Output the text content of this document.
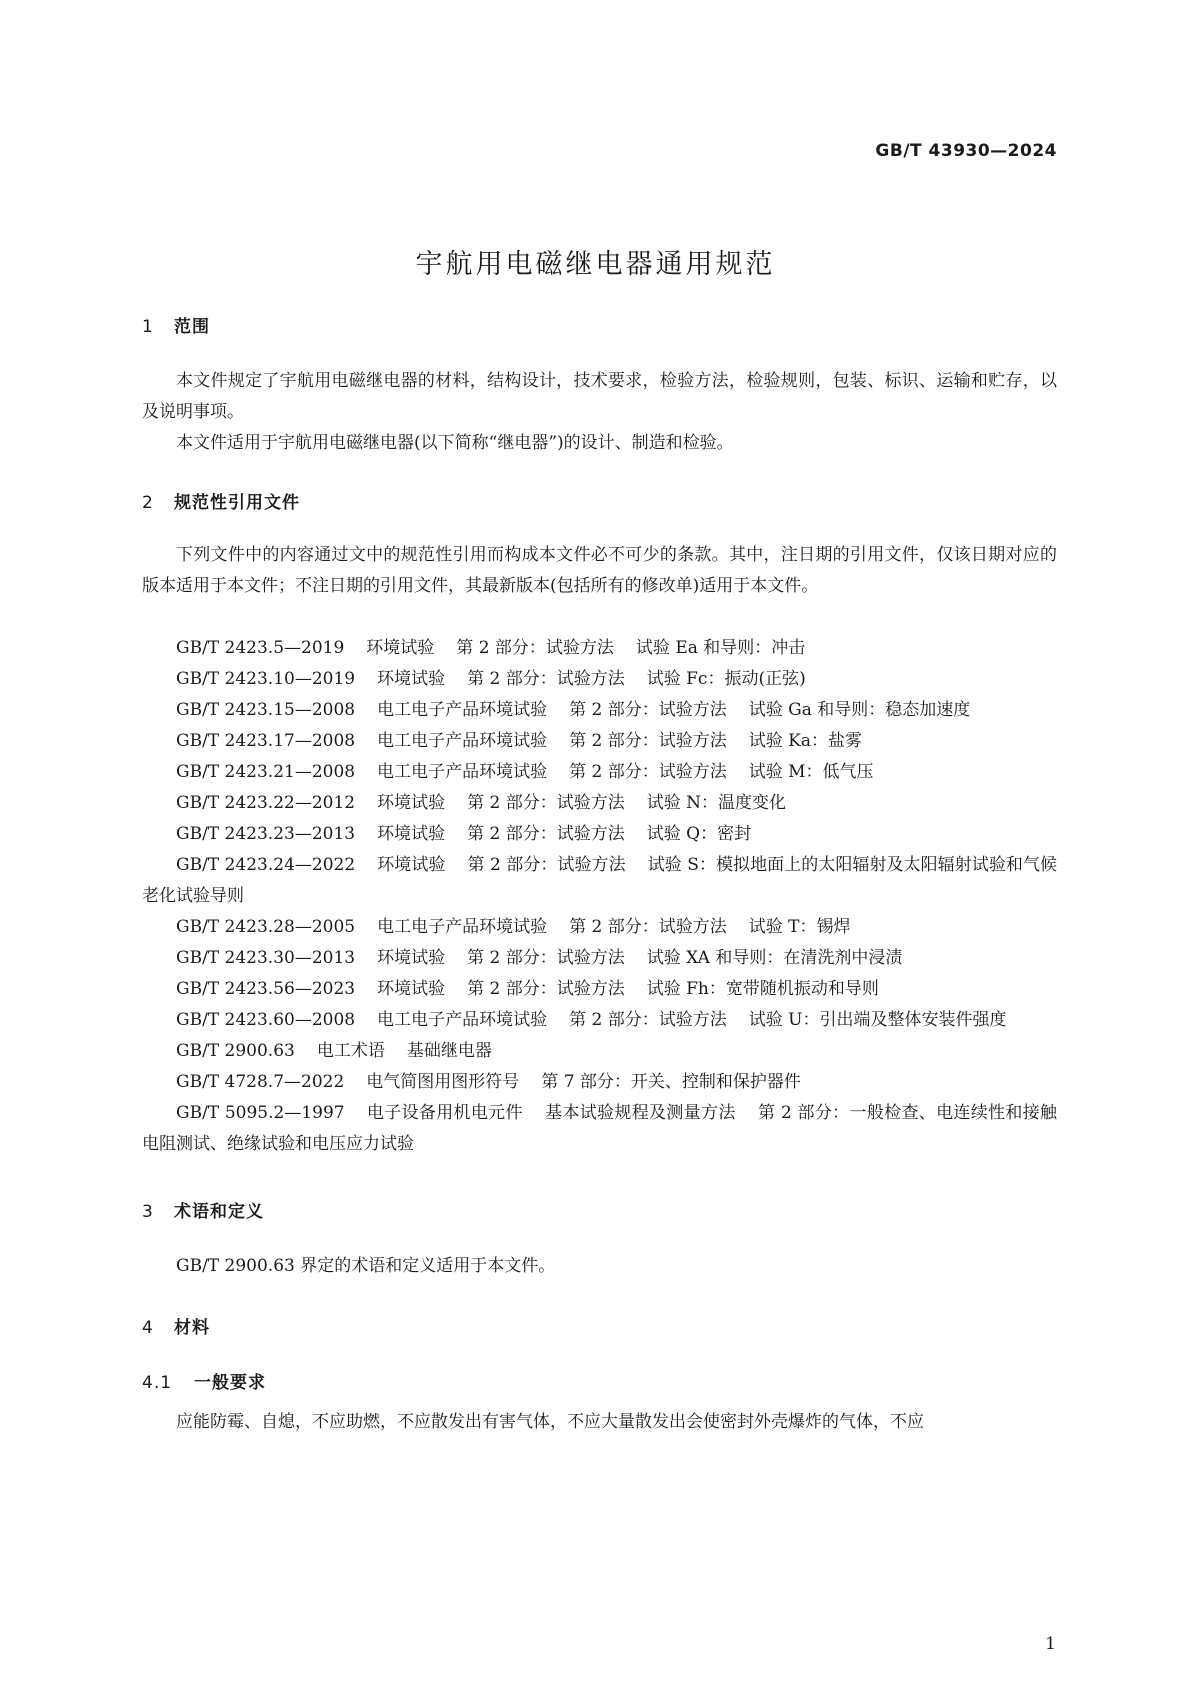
GB/T 43930—2024
宇航用电磁继电器通用规范
1 范围

本文件规定了宇航用电磁继电器的材料，结构设计，技术要求，检验方法，检验规则，包装、标识、运输和贮存，以及说明事项。

本文件适用于宇航用电磁继电器(以下简称“继电器”)的设计、制造和检验。

2 规范性引用文件

下列文件中的内容通过文中的规范性引用而构成本文件必不可少的条款。其中，注日期的引用文件，仅该日期对应的版本适用于本文件；不注日期的引用文件，其最新版本(包括所有的修改单)适用于本文件。

GB/T 2423.5—2019 环境试验 第 2 部分：试验方法 试验 Ea 和导则：冲击

GB/T 2423.10—2019 环境试验 第 2 部分：试验方法 试验 Fc：振动(正弦)

GB/T 2423.15—2008 电工电子产品环境试验 第 2 部分：试验方法 试验 Ga 和导则：稳态加速度

GB/T 2423.17—2008 电工电子产品环境试验 第 2 部分：试验方法 试验 Ka：盐雾

GB/T 2423.21—2008 电工电子产品环境试验 第 2 部分：试验方法 试验 M：低气压

GB/T 2423.22—2012 环境试验 第 2 部分：试验方法 试验 N：温度变化

GB/T 2423.23—2013 环境试验 第 2 部分：试验方法 试验 Q：密封

GB/T 2423.24—2022 环境试验 第 2 部分：试验方法 试验 S：模拟地面上的太阳辐射及太阳辐射试验和气候老化试验导则

GB/T 2423.28—2005 电工电子产品环境试验 第 2 部分：试验方法 试验 T：锡焊

GB/T 2423.30—2013 环境试验 第 2 部分：试验方法 试验 XA 和导则：在清洗剂中浸渍

GB/T 2423.56—2023 环境试验 第 2 部分：试验方法 试验 Fh：宽带随机振动和导则

GB/T 2423.60—2008 电工电子产品环境试验 第 2 部分：试验方法 试验 U：引出端及整体安装件强度

GB/T 2900.63 电工术语 基础继电器

GB/T 4728.7—2022 电气简图用图形符号 第 7 部分：开关、控制和保护器件

GB/T 5095.2—1997 电子设备用机电元件 基本试验规程及测量方法 第 2 部分：一般检查、电连续性和接触电阻测试、绝缘试验和电压应力试验

3 术语和定义

GB/T 2900.63 界定的术语和定义适用于本文件。

4 材料
4.1 一般要求

应能防霉、自熄，不应助燃，不应散发出有害气体，不应大量散发出会使密封外壳爆炸的气体，不应

1
